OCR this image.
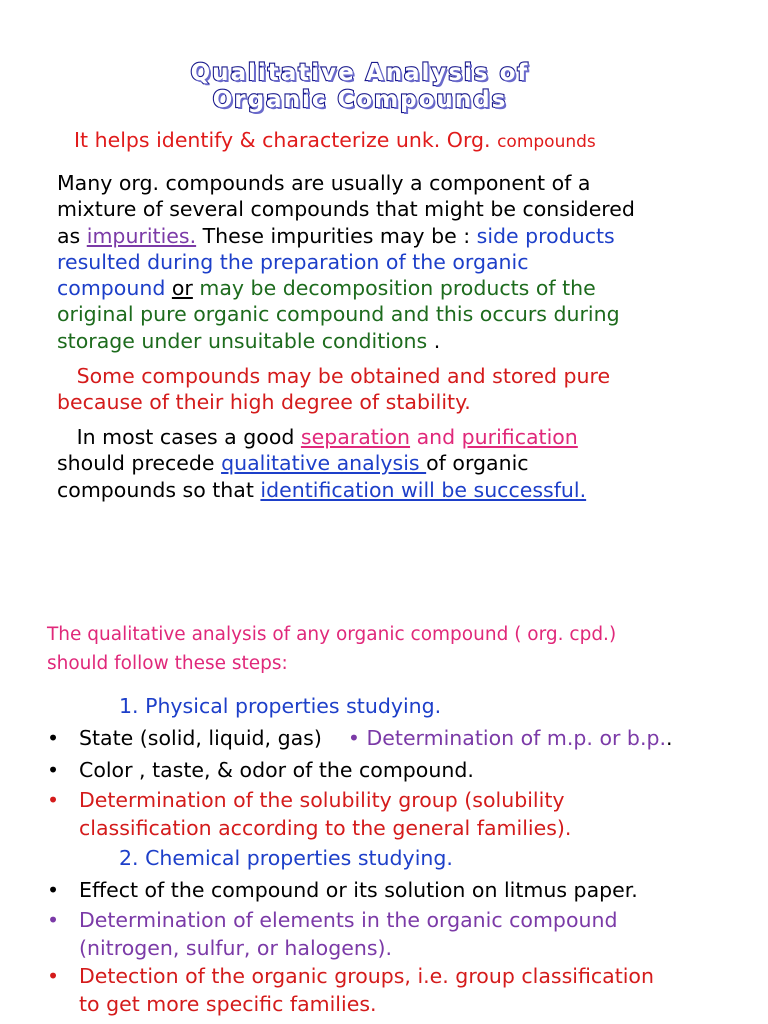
Qualitative Analysis of
Organic Compounds
It helps identify & characterize unk. Org. compounds
Many org. compounds are usually a component of a
mixture of several compounds that might be considered
as impurities. These impurities may be : side products
resulted during the preparation of the organic
compound or may be decomposition products of the
original pure organic compound and this occurs during
storage under unsuitable conditions .
Some compounds may be obtained and stored pure
because of their high degree of stability.
In most cases a good separation and purification
should precede qualitative analysis of organic
compounds so that identification will be successful.
The qualitative analysis of any organic compound ( org. cpd.)
should follow these steps:
1. Physical properties studying.
• State (solid, liquid, gas) • Determination of m.p. or b.p..
• Color , taste, & odor of the compound.
• Determination of the solubility group (solubility
classification according to the general families).
2. Chemical properties studying.
• Effect of the compound or its solution on litmus paper.
• Determination of elements in the organic compound
(nitrogen, sulfur, or halogens).
• Detection of the organic groups, i.e. group classification
to get more specific families.
